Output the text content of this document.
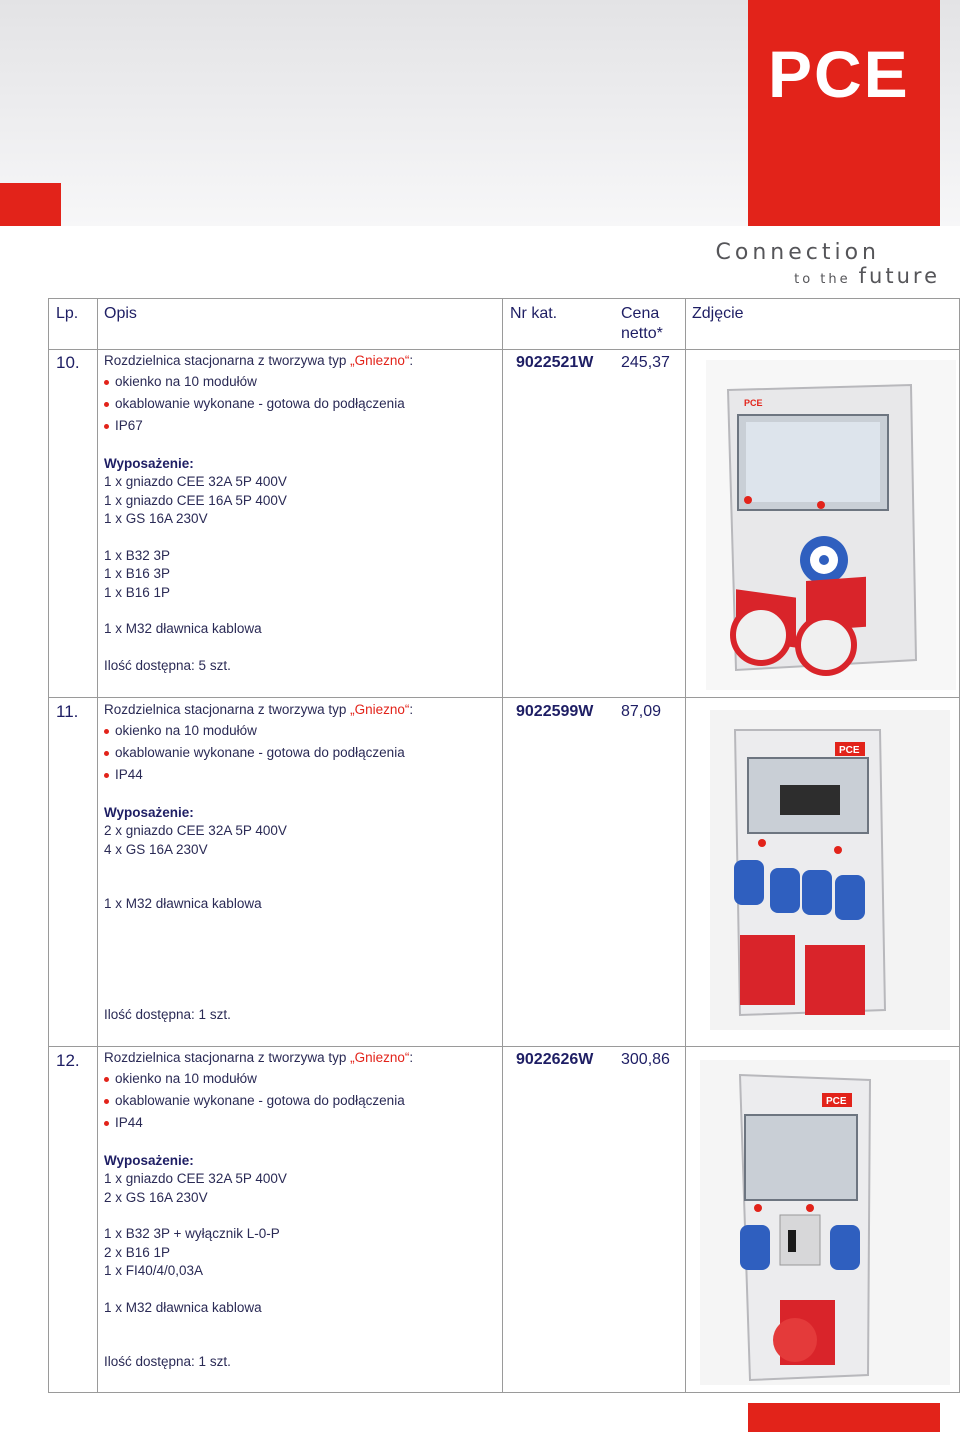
PCE
Connection
to the future
Lp. Opis	Nr kat.	Cena
netto*
Zdjęcie
10. Rozdzielnica stacjonarna z tworzywa typ „Gniezno“:

okienko na 10 modułów
okablowanie wykonane - gotowa do podłączenia
IP67

Wyposażenie:

1 x gniazdo CEE 32A 5P 400V

1 x gniazdo CEE 16A 5P 400V

1 x GS 16A 230V

1 x B32 3P

1 x B16 3P

1 x B16 1P

1 x M32 dławnica kablowa

Ilość dostępna: 5 szt.

9022521W 245,37
PCE
11. Rozdzielnica stacjonarna z tworzywa typ „Gniezno“:

okienko na 10 modułów
okablowanie wykonane - gotowa do podłączenia
IP44

Wyposażenie:

2 x gniazdo CEE 32A 5P 400V

4 x GS 16A 230V

1 x M32 dławnica kablowa

Ilość dostępna: 1 szt.

9022599W 87,09
PCE
12. Rozdzielnica stacjonarna z tworzywa typ „Gniezno“:

okienko na 10 modułów
okablowanie wykonane - gotowa do podłączenia
IP44

Wyposażenie:

1 x gniazdo CEE 32A 5P 400V

2 x GS 16A 230V

1 x B32 3P + wyłącznik L-0-P

2 x B16 1P

1 x FI40/4/0,03A

1 x M32 dławnica kablowa

Ilość dostępna: 1 szt.

9022626W 300,86
PCE
